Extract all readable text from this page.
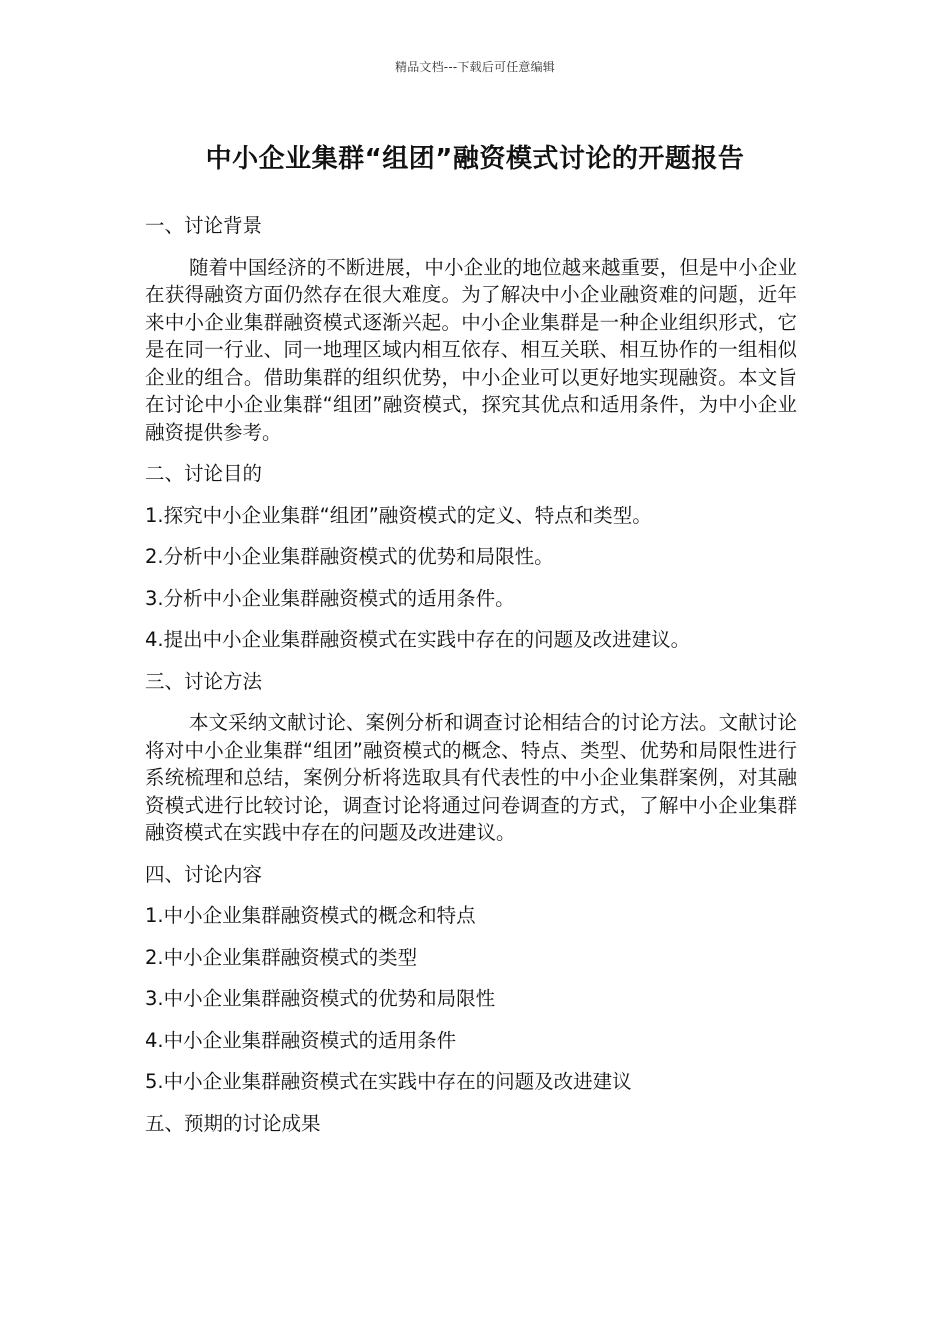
精品文档---下载后可任意编辑
中小企业集群“组团”融资模式讨论的开题报告

一、讨论背景

随着中国经济的不断进展，中小企业的地位越来越重要，但是中小企业在获得融资方面仍然存在很大难度。为了解决中小企业融资难的问题，近年来中小企业集群融资模式逐渐兴起。中小企业集群是一种企业组织形式，它是在同一行业、同一地理区域内相互依存、相互关联、相互协作的一组相似企业的组合。借助集群的组织优势，中小企业可以更好地实现融资。本文旨在讨论中小企业集群“组团”融资模式，探究其优点和适用条件，为中小企业融资提供参考。

二、讨论目的

1.探究中小企业集群“组团”融资模式的定义、特点和类型。

2.分析中小企业集群融资模式的优势和局限性。

3.分析中小企业集群融资模式的适用条件。

4.提出中小企业集群融资模式在实践中存在的问题及改进建议。

三、讨论方法

本文采纳文献讨论、案例分析和调查讨论相结合的讨论方法。文献讨论将对中小企业集群“组团”融资模式的概念、特点、类型、优势和局限性进行系统梳理和总结，案例分析将选取具有代表性的中小企业集群案例，对其融资模式进行比较讨论，调查讨论将通过问卷调查的方式，了解中小企业集群融资模式在实践中存在的问题及改进建议。

四、讨论内容

1.中小企业集群融资模式的概念和特点

2.中小企业集群融资模式的类型

3.中小企业集群融资模式的优势和局限性

4.中小企业集群融资模式的适用条件

5.中小企业集群融资模式在实践中存在的问题及改进建议

五、预期的讨论成果
